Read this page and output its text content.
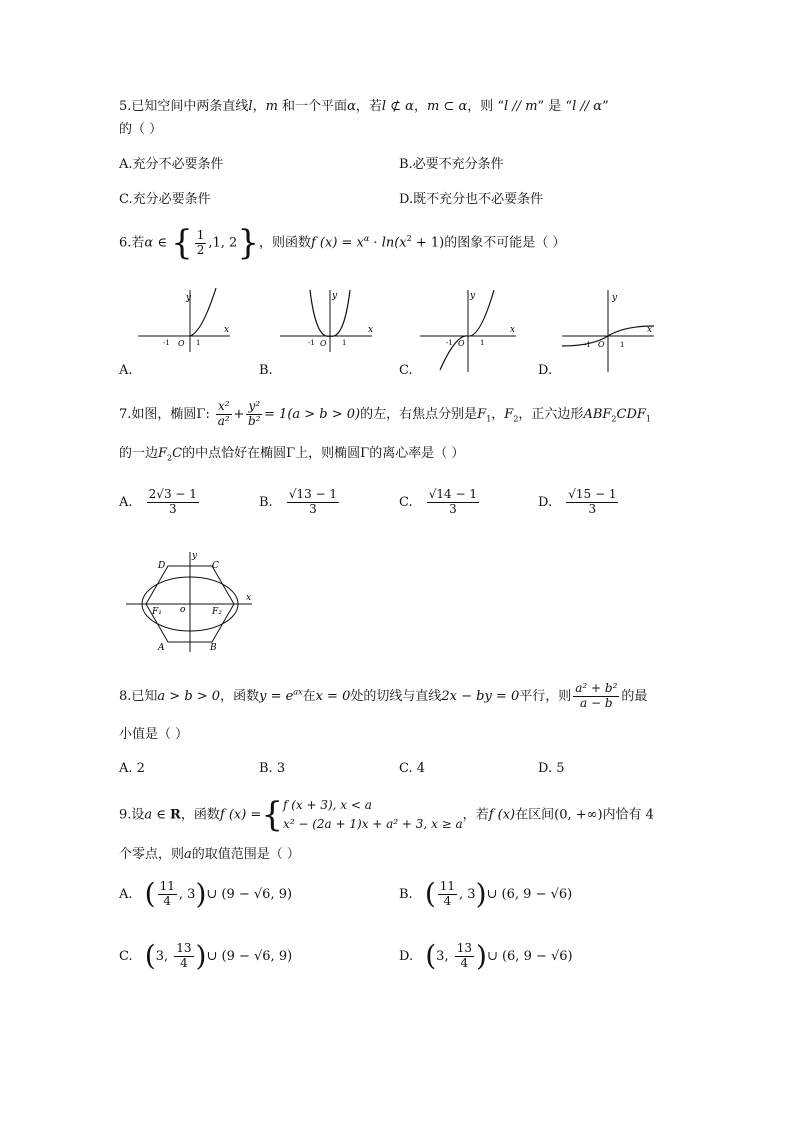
5.已知空间中两条直线l，m 和一个平面α，若l ⊄ α，m ⊂ α，则 “l // m” 是 “l // α”
的（ ）
A.充分不必要条件	B.必要不充分条件
C.充分必要条件	D.既不充分也不必要条件
6.若α ∈ { $\frac{1}{2} ,1$, 2}，则函数f $(x) = x^\alpha \cdot \ln(x^2 + 1)$的图象不可能是（ ）
y
x
-1 O 1
A.
y
x
-1 O 1
B.
y
x
-1 O 1
C.
y
x
-1 O 1
D.
7.如图，椭圆Γ: $\frac{\text{x²}}{\text{a²}} + \frac{\text{y²}}{\text{b²}} = 1(a > b > 0)$的左，右焦点分别是$F_1$，$F_2$，正六边形$ABF_2CDF_1$
的一边$F_2C$的中点恰好在椭圆Γ上，则椭圆Γ的离心率是（ ）
A. $\frac{2√3 - 1}{3}$	B. $\frac{√13 - 1}{3}$	C. $\frac{√14 - 1}{3}$	D. $\frac{√15 - 1}{3}$
y
x
o
D	C
A	B
F₁	F₂
8.已知a > b > 0，函数$y = e^{ax}$在x = 0处的切线与直线2x − by = 0平行，则 $\frac{\text{a² + b²}}{a - b}$ 的最
小值是（ ）
A. 2	B. 3	C. 4	D. 5
9.设a ∈ R，函数f (x) ={ f (x + 3), x < a
x² − (2a + 1)x + a² + 3, x ≥ a
，若f (x)在区间(0, +∞)内恰有 4
个零点，则a的取值范围是（ ）
A. ( $\frac{11}{4}$ , 3)∪ (9 − √6, 9)	B. ( $\frac{11}{4}$ , 3)∪ (6, 9 − √6)
C. (3, $\frac{13}{4}$ )∪ (9 − √6, 9)	D. (3, $\frac{13}{4}$ )∪ (6, 9 − √6)
